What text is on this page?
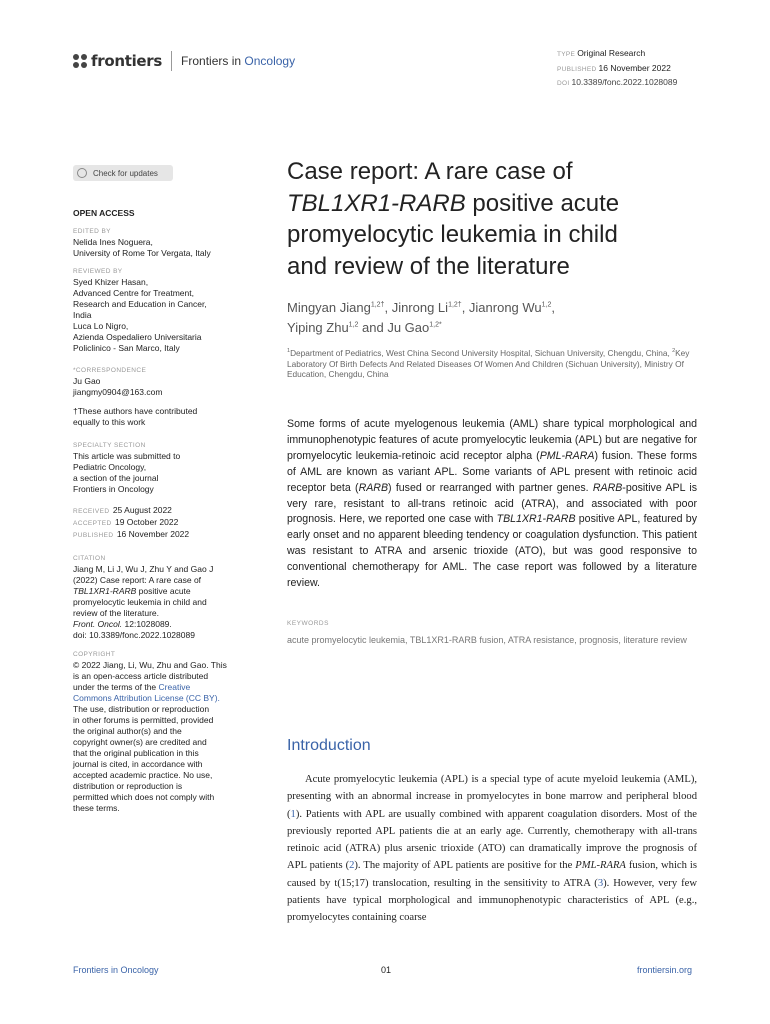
frontiers Frontiers in Oncology	TYPE Original Research
PUBLISHED 16 November 2022
DOI 10.3389/fonc.2022.1028089
Check for updates
OPEN ACCESS
EDITED BY
Nelida Ines Noguera,
University of Rome Tor Vergata, Italy
REVIEWED BY
Syed Khizer Hasan,
Advanced Centre for Treatment,
Research and Education in Cancer,
India
Luca Lo Nigro,
Azienda Ospedaliero Universitaria
Policlinico - San Marco, Italy
*CORRESPONDENCE
Ju Gao
jiangmy0904@163.com
†These authors have contributed
equally to this work
SPECIALTY SECTION
This article was submitted to
Pediatric Oncology,
a section of the journal
Frontiers in Oncology
RECEIVED 25 August 2022
ACCEPTED 19 October 2022
PUBLISHED 16 November 2022
CITATION
Jiang M, Li J, Wu J, Zhu Y and Gao J
(2022) Case report: A rare case of
TBL1XR1-RARB positive acute
promyelocytic leukemia in child and
review of the literature.
Front. Oncol. 12:1028089.
doi: 10.3389/fonc.2022.1028089
COPYRIGHT
© 2022 Jiang, Li, Wu, Zhu and Gao. This
is an open-access article distributed
under the terms of the Creative
Commons Attribution License (CC BY).
The use, distribution or reproduction
in other forums is permitted, provided
the original author(s) and the
copyright owner(s) are credited and
that the original publication in this
journal is cited, in accordance with
accepted academic practice. No use,
distribution or reproduction is
permitted which does not comply with
these terms.
Case report: A rare case of
TBL1XR1-RARB positive acute
promyelocytic leukemia in child
and review of the literature
Mingyan Jiang$^{1,2\dagger}$, Jinrong $Li^{1,2\dagger}$, Jianrong Wu$^{1,2}$,
Yiping Zhu$^{1,2}$ and Ju Gao$^{1,2*}$
$^1$Department of Pediatrics, West China Second University Hospital, Sichuan University, Chengdu, China, $^2$Key Laboratory Of Birth Defects And Related Diseases Of Women And Children (Sichuan University), Ministry Of Education, Chengdu, China
Some forms of acute myelogenous leukemia (AML) share typical morphological and immunophenotypic features of acute promyelocytic leukemia (APL) but are negative for promyelocytic leukemia-retinoic acid receptor alpha (PML-RARA) fusion. These forms of AML are known as variant APL. Some variants of APL present with retinoic acid receptor beta (RARB) fused or rearranged with partner genes. RARB-positive APL is very rare, resistant to all-trans retinoic acid (ATRA), and associated with poor prognosis. Here, we reported one case with TBL1XR1-RARB positive APL, featured by early onset and no apparent bleeding tendency or coagulation dysfunction. This patient was resistant to ATRA and arsenic trioxide (ATO), but was good responsive to conventional chemotherapy for AML. The case report was followed by a literature review.
KEYWORDS
acute promyelocytic leukemia, TBL1XR1-RARB fusion, ATRA resistance, prognosis, literature review
Introduction
Acute promyelocytic leukemia (APL) is a special type of acute myeloid leukemia (AML), presenting with an abnormal increase in promyelocytes in bone marrow and peripheral blood (1). Patients with APL are usually combined with apparent coagulation disorders. Most of the previously reported APL patients die at an early age. Currently, chemotherapy with all-trans retinoic acid (ATRA) plus arsenic trioxide (ATO) can dramatically improve the prognosis of APL patients (2). The majority of APL patients are positive for the PML-RARA fusion, which is caused by t(15;17) translocation, resulting in the sensitivity to ATRA (3). However, very few patients have typical morphological and immunophenotypic characteristics of APL (e.g., promyelocytes containing coarse
Frontiers in Oncology	01	frontiersin.org
